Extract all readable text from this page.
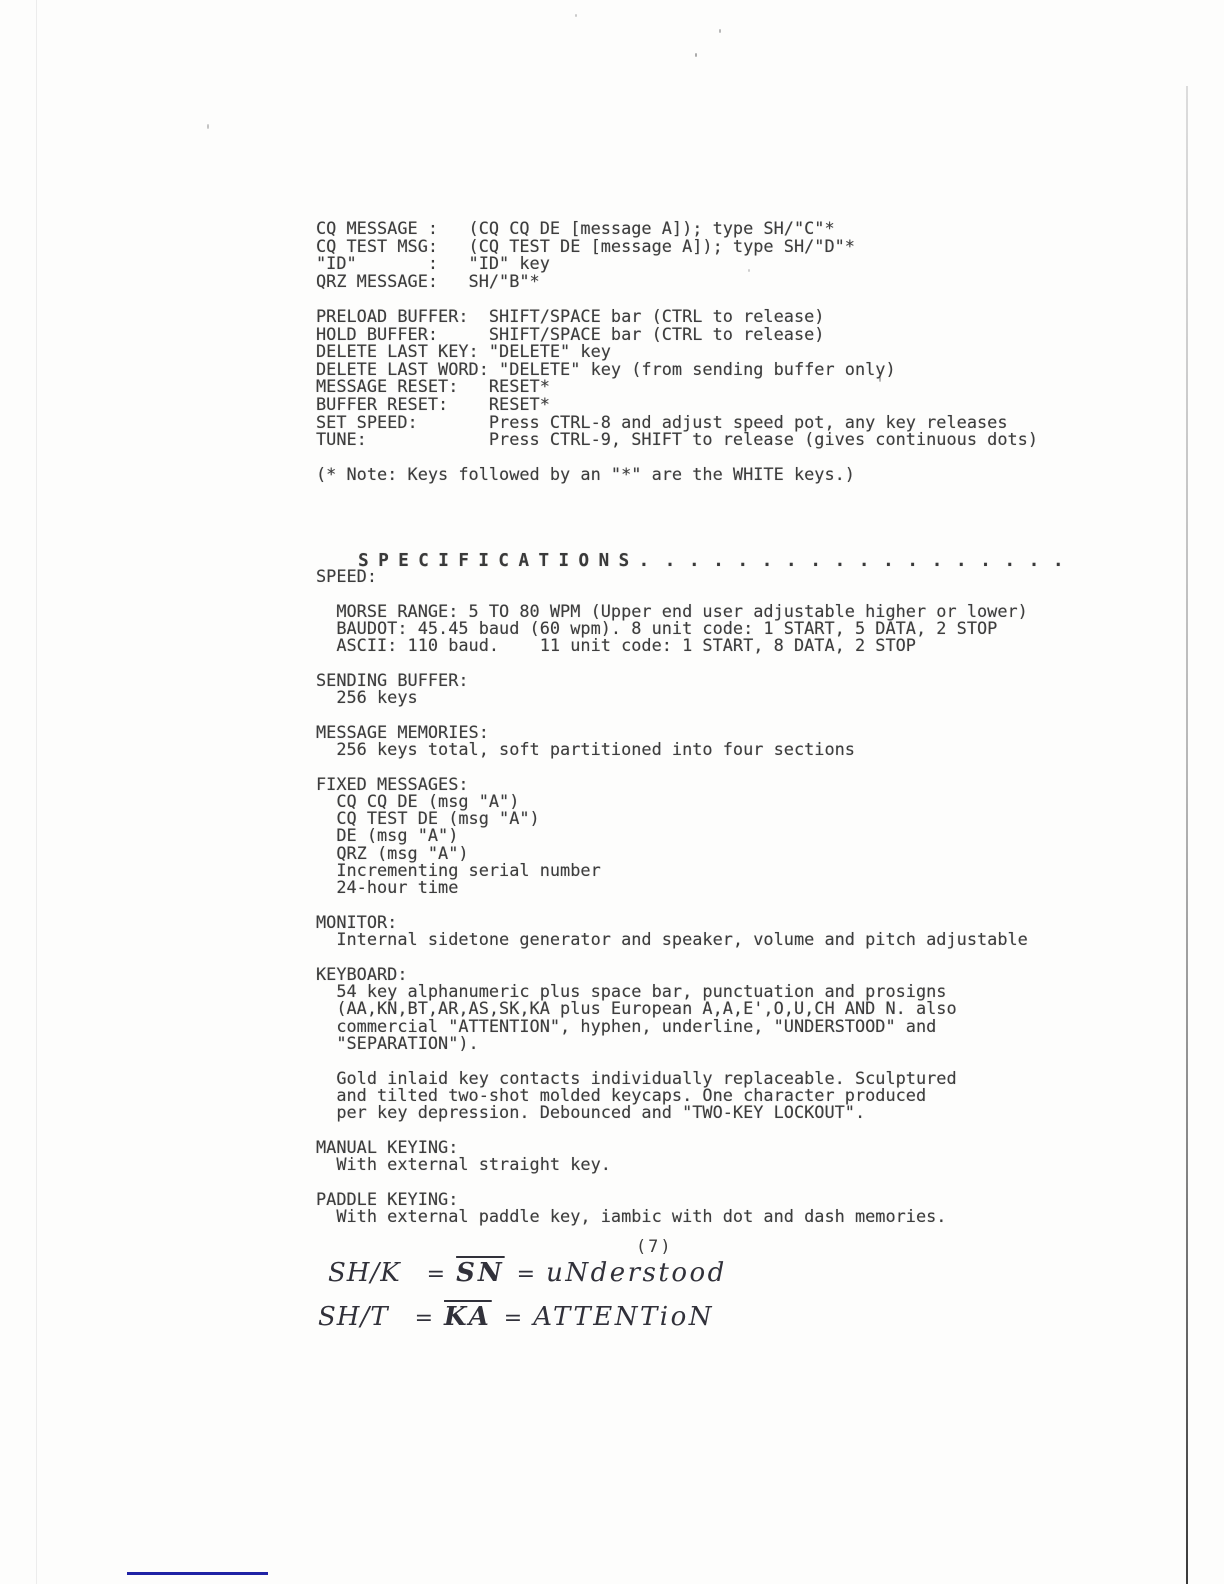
CQ MESSAGE :   (CQ CQ DE [message A]); type SH/"C"*
CQ TEST MSG:   (CQ TEST DE [message A]); type SH/"D"*
"ID"       :   "ID" key
QRZ MESSAGE:   SH/"B"*

PRELOAD BUFFER:  SHIFT/SPACE bar (CTRL to release)
HOLD BUFFER:     SHIFT/SPACE bar (CTRL to release)
DELETE LAST KEY: "DELETE" key
DELETE LAST WORD: "DELETE" key (from sending buffer only)
MESSAGE RESET:   RESET*
BUFFER RESET:    RESET*
SET SPEED:       Press CTRL-8 and adjust speed pot, any key releases
TUNE:            Press CTRL-9, SHIFT to release (gives continuous dots)

(* Note: Keys followed by an "*" are the WHITE keys.)

SPECIFICATIONS. . . . . . . . . . . . . . . . . .

SPEED:

MORSE RANGE: 5 TO 80 WPM (Upper end user adjustable higher or lower)
BAUDOT: 45.45 baud (60 wpm). 8 unit code: 1 START, 5 DATA, 2 STOP
ASCII: 110 baud.    11 unit code: 1 START, 8 DATA, 2 STOP

SENDING BUFFER:
256 keys

MESSAGE MEMORIES:
256 keys total, soft partitioned into four sections

FIXED MESSAGES:
CQ CQ DE (msg "A")
CQ TEST DE (msg "A")
DE (msg "A")
QRZ (msg "A")
Incrementing serial number
24-hour time

MONITOR:
Internal sidetone generator and speaker, volume and pitch adjustable

KEYBOARD:
54 key alphanumeric plus space bar, punctuation and prosigns
(AA,KN,BT,AR,AS,SK,KA plus European A,A,E',O,U,CH AND N. also
commercial "ATTENTION", hyphen, underline, "UNDERSTOOD" and
"SEPARATION").

Gold inlaid key contacts individually replaceable. Sculptured
and tilted two-shot molded keycaps. One character produced
per key depression. Debounced and "TWO-KEY LOCKOUT".

MANUAL KEYING:
With external straight key.

PADDLE KEYING:
With external paddle key, iambic with dot and dash memories.
(7)
$SH/K = \overline{SN}$ = uNderstood
$SH/T = \overline{KA}$ = ATTENTioN
